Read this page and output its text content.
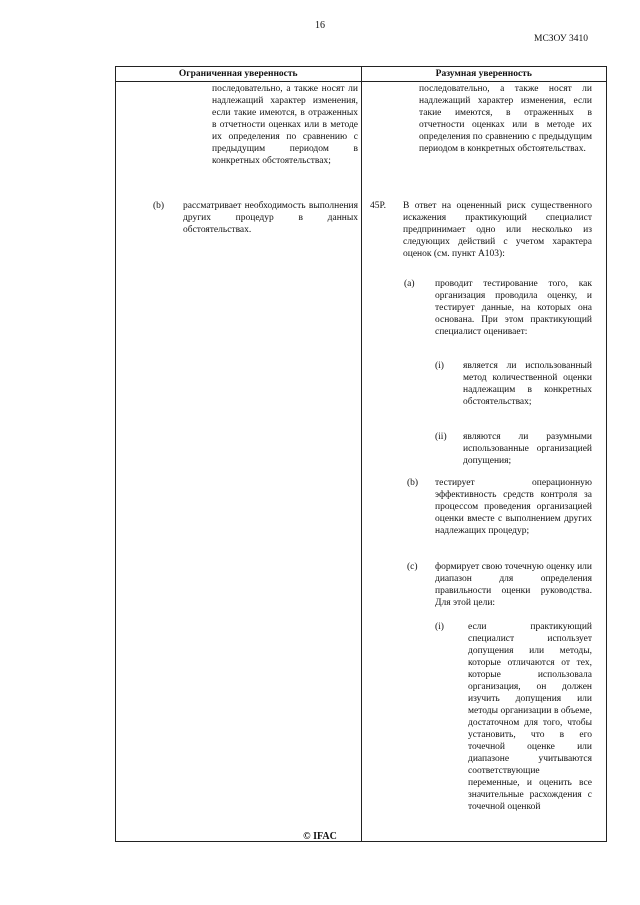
16
МСЗОУ 3410
Ограниченная уверенность	Разумная уверенность

последовательно, а также носят ли надлежащий характер изменения, если такие имеются, в отраженных в отчетности оценках или в методе их определения по сравнению с предыдущим периодом в конкретных обстоятельствах;

(b) рассматривает необходимость выполнения других процедур в данных обстоятельствах.

последовательно, а также носят ли надлежащий характер изменения, если такие имеются, в отраженных в отчетности оценках или в методе их определения по сравнению с предыдущим периодом в конкретных обстоятельствах.

45Р. В ответ на оцененный риск существенного искажения практикующий специалист предпринимает одно или несколько из следующих действий с учетом характера оценок (см. пункт А103):

(a) проводит тестирование того, как организация проводила оценку, и тестирует данные, на которых она основана. При этом практикующий специалист оценивает:

(i) является ли использованный метод количественной оценки надлежащим в конкретных обстоятельствах;

(ii) являются ли разумными использованные организацией допущения;

(b) тестирует операционную эффективность средств контроля за процессом проведения организацией оценки вместе с выполнением других надлежащих процедур;

(c) формирует свою точечную оценку или диапазон для определения правильности оценки руководства. Для этой цели:

(i)	если практикующий специалист использует допущения или методы, которые отличаются от тех, которые использовала организация, он должен изучить допущения или методы организации в объеме, достаточном для того, чтобы установить, что в его точечной оценке или диапазоне учитываются соответствующие переменные, и оценить все значительные расхождения с точечной оценкой

© IFAC
